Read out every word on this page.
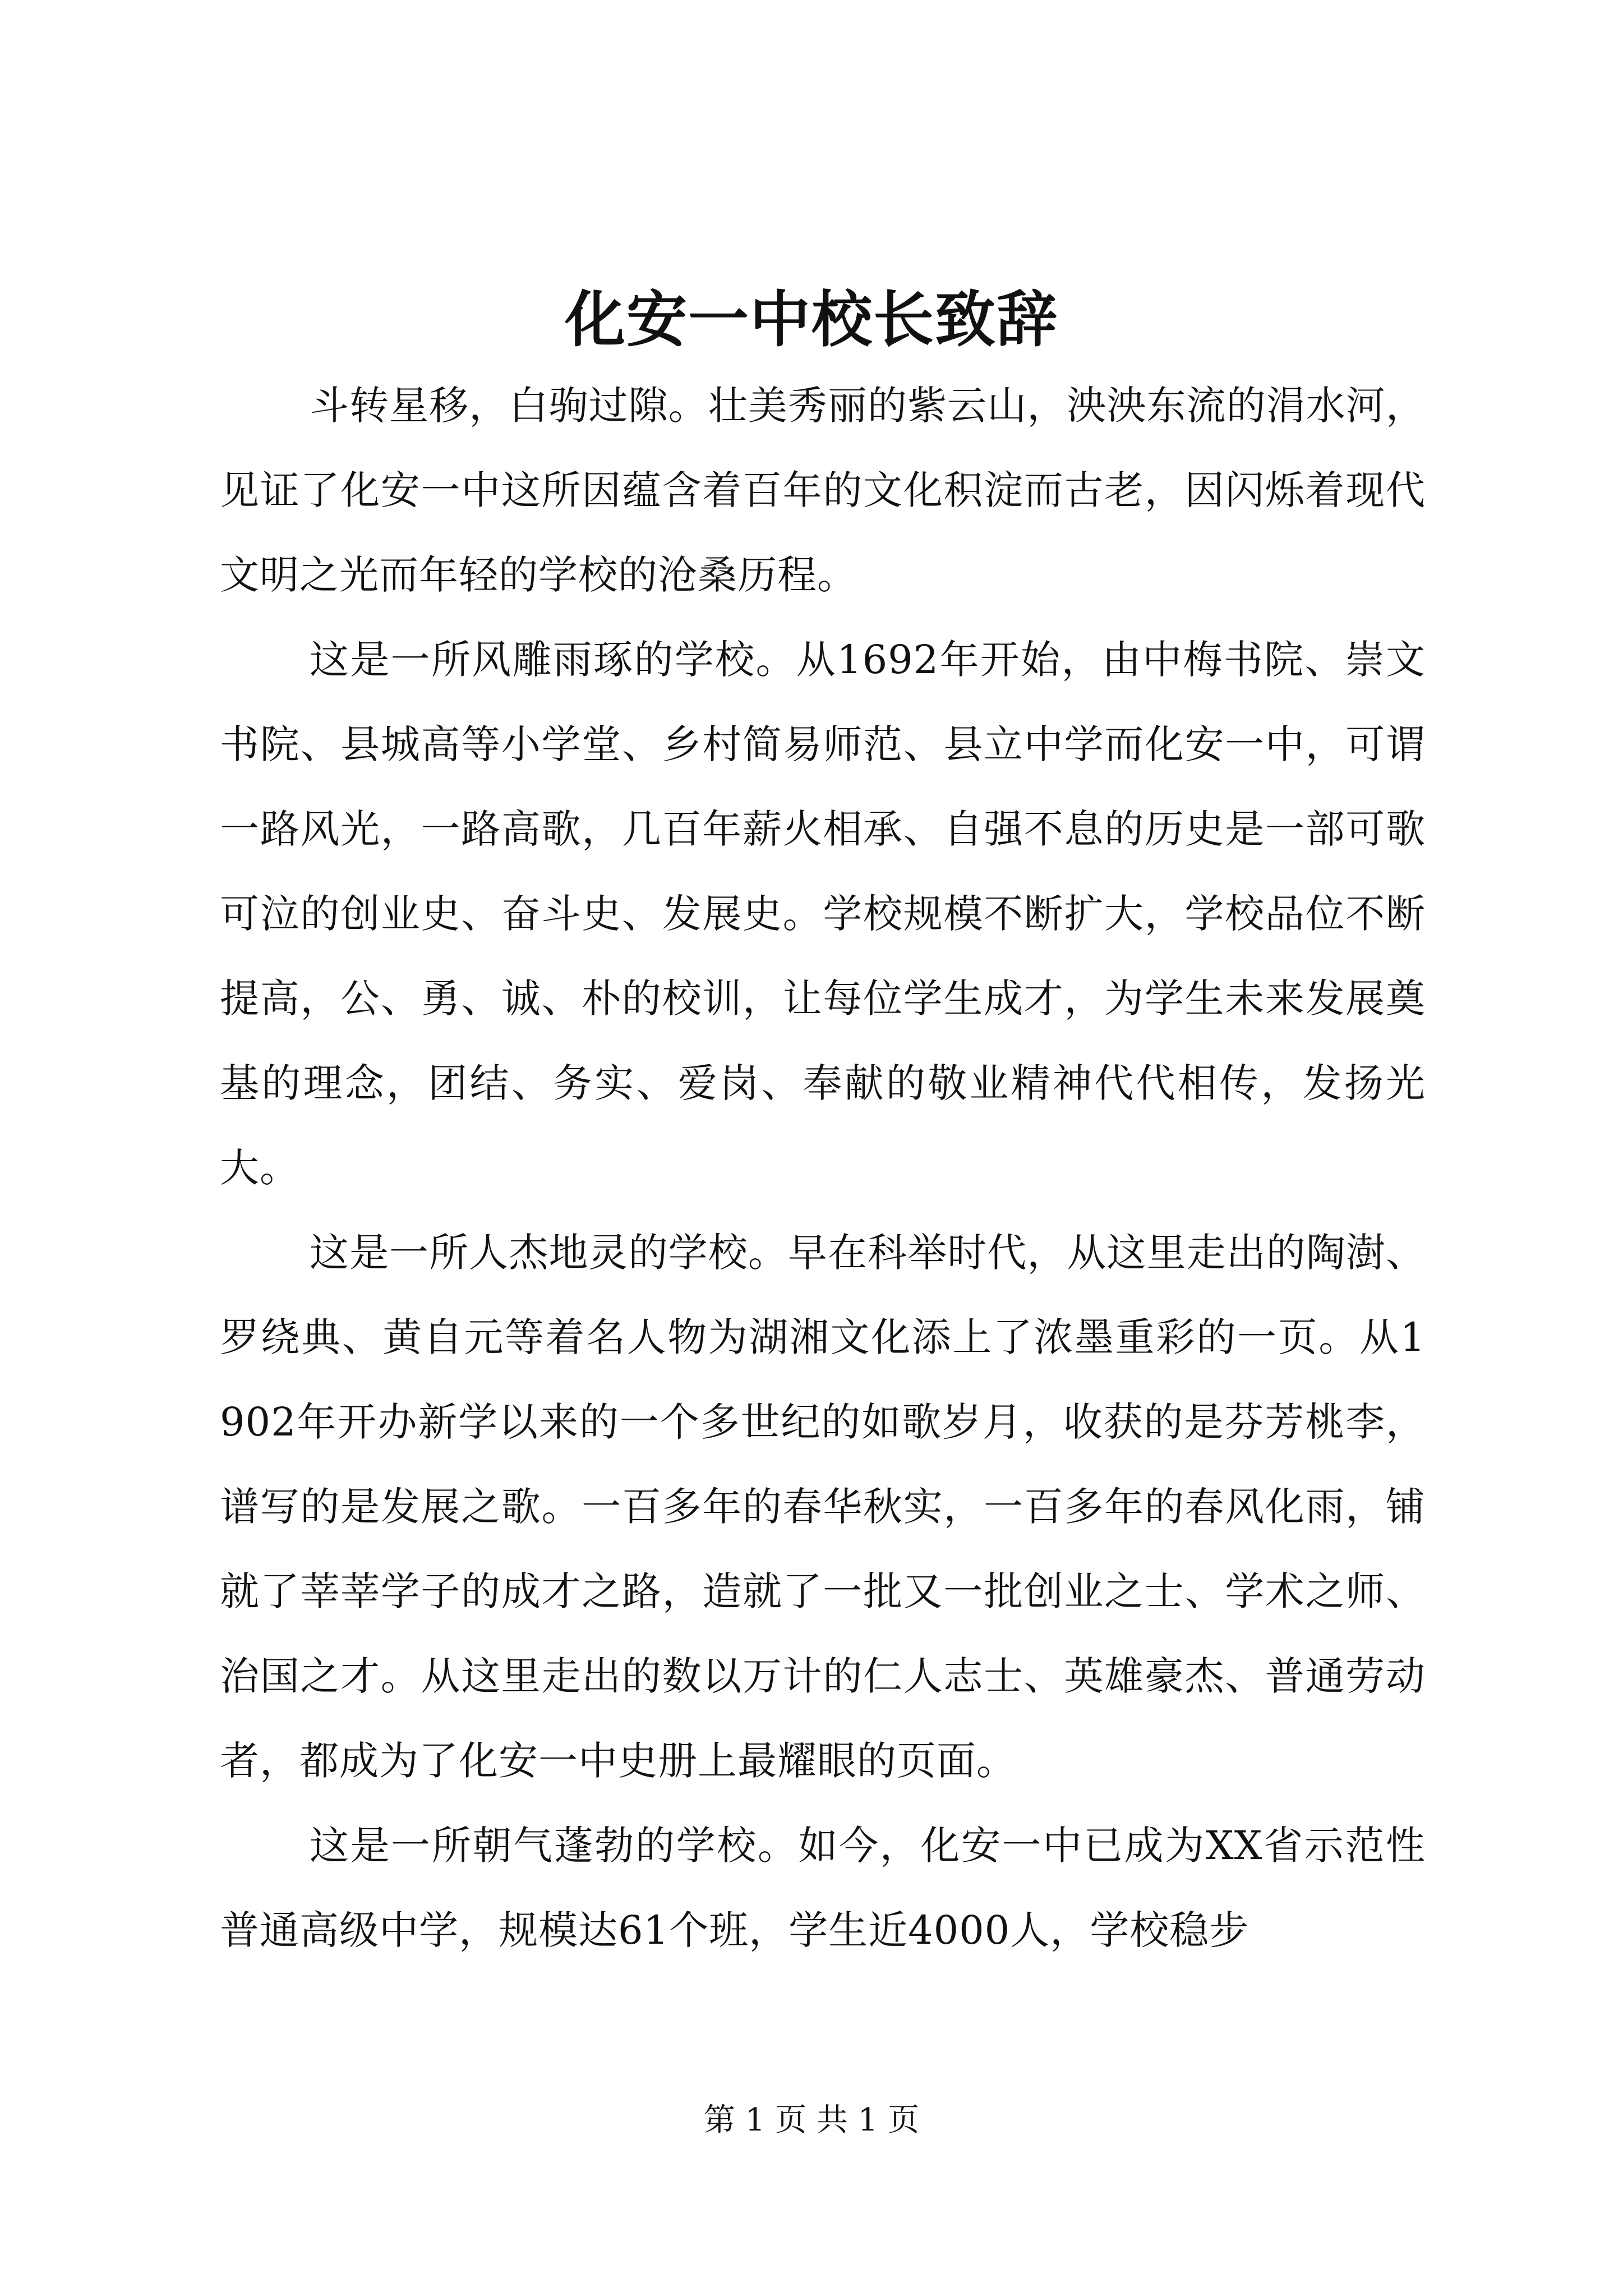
化安一中校长致辞

斗转星移，白驹过隙。壮美秀丽的紫云山，泱泱东流的涓水河，见证了化安一中这所因蕴含着百年的文化积淀而古老，因闪烁着现代文明之光而年轻的学校的沧桑历程。

这是一所风雕雨琢的学校。从1692年开始，由中梅书院、崇文书院、县城高等小学堂、乡村简易师范、县立中学而化安一中，可谓一路风光，一路高歌，几百年薪火相承、自强不息的历史是一部可歌可泣的创业史、奋斗史、发展史。学校规模不断扩大，学校品位不断提高，公、勇、诚、朴的校训，让每位学生成才，为学生未来发展奠基的理念，团结、务实、爱岗、奉献的敬业精神代代相传，发扬光大。

这是一所人杰地灵的学校。早在科举时代，从这里走出的陶澍、罗绕典、黄自元等着名人物为湖湘文化添上了浓墨重彩的一页。从1902年开办新学以来的一个多世纪的如歌岁月，收获的是芬芳桃李，谱写的是发展之歌。一百多年的春华秋实，一百多年的春风化雨，铺就了莘莘学子的成才之路，造就了一批又一批创业之士、学术之师、治国之才。从这里走出的数以万计的仁人志士、英雄豪杰、普通劳动者，都成为了化安一中史册上最耀眼的页面。

这是一所朝气蓬勃的学校。如今，化安一中已成为XX省示范性普通高级中学，规模达61个班，学生近4000人，学校稳步

第 1 页 共 1 页
